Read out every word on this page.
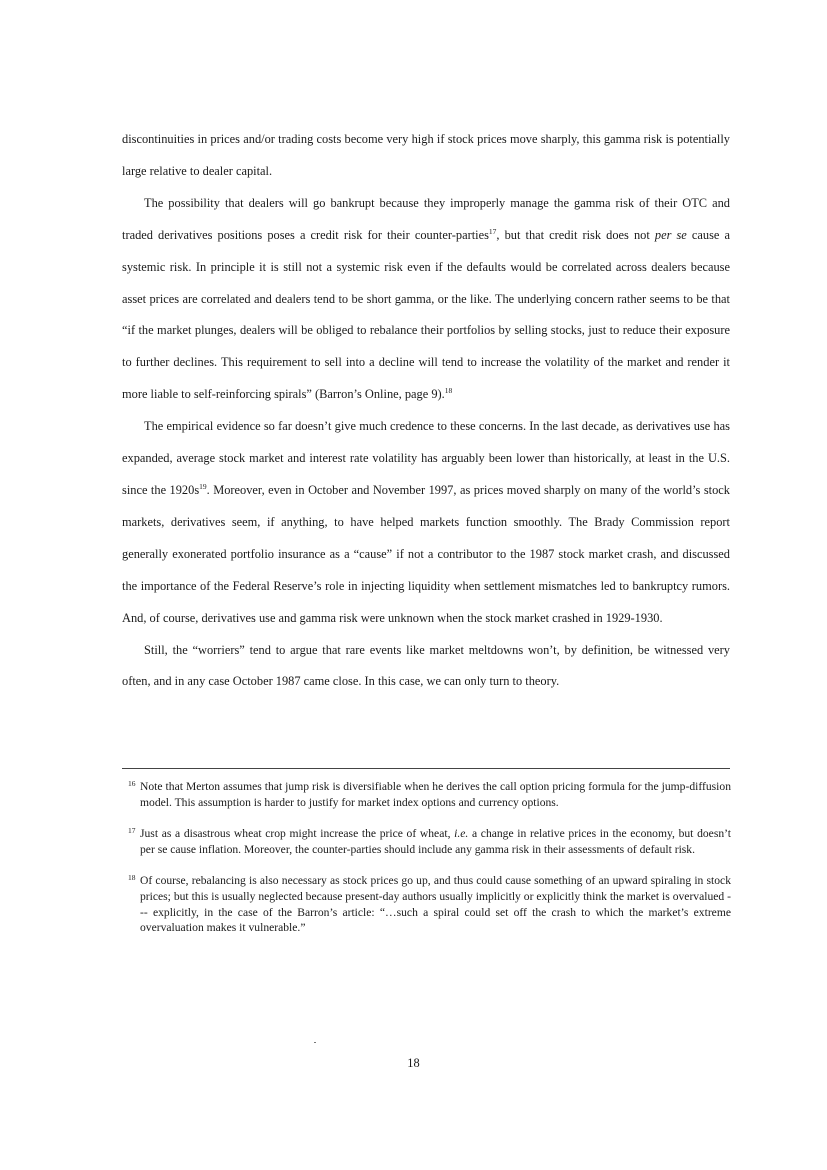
discontinuities in prices and/or trading costs become very high if stock prices move sharply, this gamma risk is potentially large relative to dealer capital.

The possibility that dealers will go bankrupt because they improperly manage the gamma risk of their OTC and traded derivatives positions poses a credit risk for their counter-parties$^{17}$, but that credit risk does not per se cause a systemic risk. In principle it is still not a systemic risk even if the defaults would be correlated across dealers because asset prices are correlated and dealers tend to be short gamma, or the like. The underlying concern rather seems to be that “if the market plunges, dealers will be obliged to rebalance their portfolios by selling stocks, just to reduce their exposure to further declines. This requirement to sell into a decline will tend to increase the volatility of the market and render it more liable to self-reinforcing spirals” (Barron’s Online, page 9).$^{18}$

The empirical evidence so far doesn’t give much credence to these concerns. In the last decade, as derivatives use has expanded, average stock market and interest rate volatility has arguably been lower than historically, at least in the U.S. since the $1920s^{19}$. Moreover, even in October and November 1997, as prices moved sharply on many of the world’s stock markets, derivatives seem, if anything, to have helped markets function smoothly. The Brady Commission report generally exonerated portfolio insurance as a “cause” if not a contributor to the 1987 stock market crash, and discussed the importance of the Federal Reserve’s role in injecting liquidity when settlement mismatches led to bankruptcy rumors. And, of course, derivatives use and gamma risk were unknown when the stock market crashed in 1929-1930.

Still, the “worriers” tend to argue that rare events like market meltdowns won’t, by definition, be witnessed very often, and in any case October 1987 came close. In this case, we can only turn to theory.

16 Note that Merton assumes that jump risk is diversifiable when he derives the call option pricing formula for the jump-diffusion model. This assumption is harder to justify for market index options and currency options.
17 Just as a disastrous wheat crop might increase the price of wheat, i.e. a change in relative prices in the economy, but doesn’t per se cause inflation. Moreover, the counter-parties should include any gamma risk in their assessments of default risk.
18 Of course, rebalancing is also necessary as stock prices go up, and thus could cause something of an upward spiraling in stock prices; but this is usually neglected because present-day authors usually implicitly or explicitly think the market is overvalued --- explicitly, in the case of the Barron’s article: “…such a spiral could set off the crash to which the market’s extreme overvaluation makes it vulnerable.”
18
